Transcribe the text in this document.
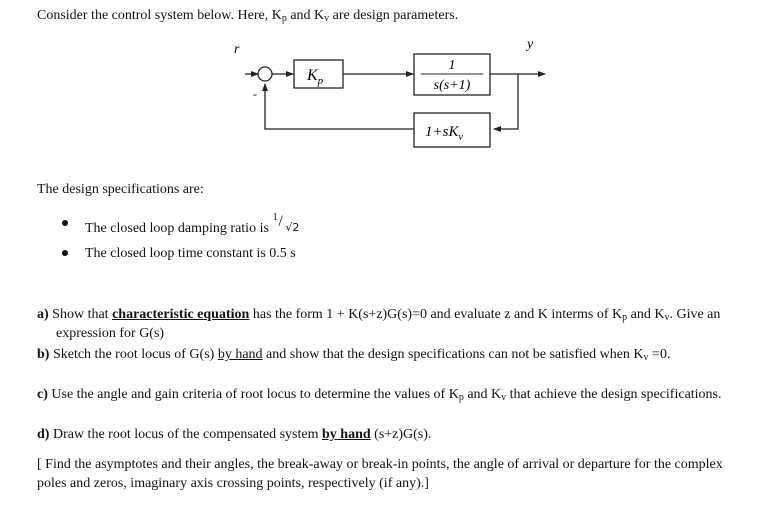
Consider the control system below. Here, $K_p$ and $K_v$ are design parameters.
r	y
-
$K_p$
1
s(s+1)
$1+sK_v$
The design specifications are:
The closed loop damping ratio is
1 / √2
The closed loop time constant is 0.5 s
a) Show that characteristic equation has the form 1 + K(s+z)G(s)=0 and evaluate z and K interms of $K_p$ and $K_v$. Give an expression for G(s)
b) Sketch the root locus of G(s) by hand and show that the design specifications can not be satisfied when $K_v =0$.
c) Use the angle and gain criteria of root locus to determine the values of $K_p$ and $K_v$ that achieve the design specifications.
d) Draw the root locus of the compensated system by hand (s+z)G(s).
[ Find the asymptotes and their angles, the break-away or break-in points, the angle of arrival or departure for the complex poles and zeros, imaginary axis crossing points, respectively (if any).]
